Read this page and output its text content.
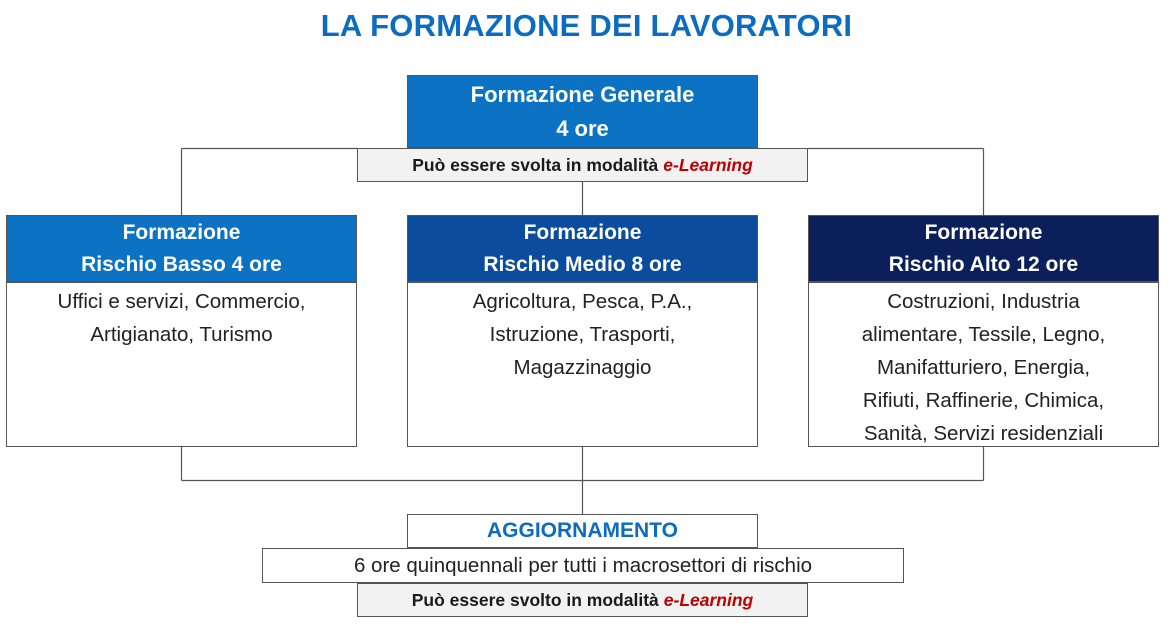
LA FORMAZIONE DEI LAVORATORI
Formazione Generale
4 ore
Può essere svolta in modalità e-Learning
Formazione
Rischio Basso 4 ore
Uffici e servizi, Commercio,
Artigianato, Turismo
Formazione
Rischio Medio 8 ore
Agricoltura, Pesca, P.A.,
Istruzione, Trasporti,
Magazzinaggio
Formazione
Rischio Alto 12 ore
Costruzioni, Industria
alimentare, Tessile, Legno,
Manifatturiero, Energia,
Rifiuti, Raffinerie, Chimica,
Sanità, Servizi residenziali
AGGIORNAMENTO
6 ore quinquennali per tutti i macrosettori di rischio
Può essere svolto in modalità e-Learning
